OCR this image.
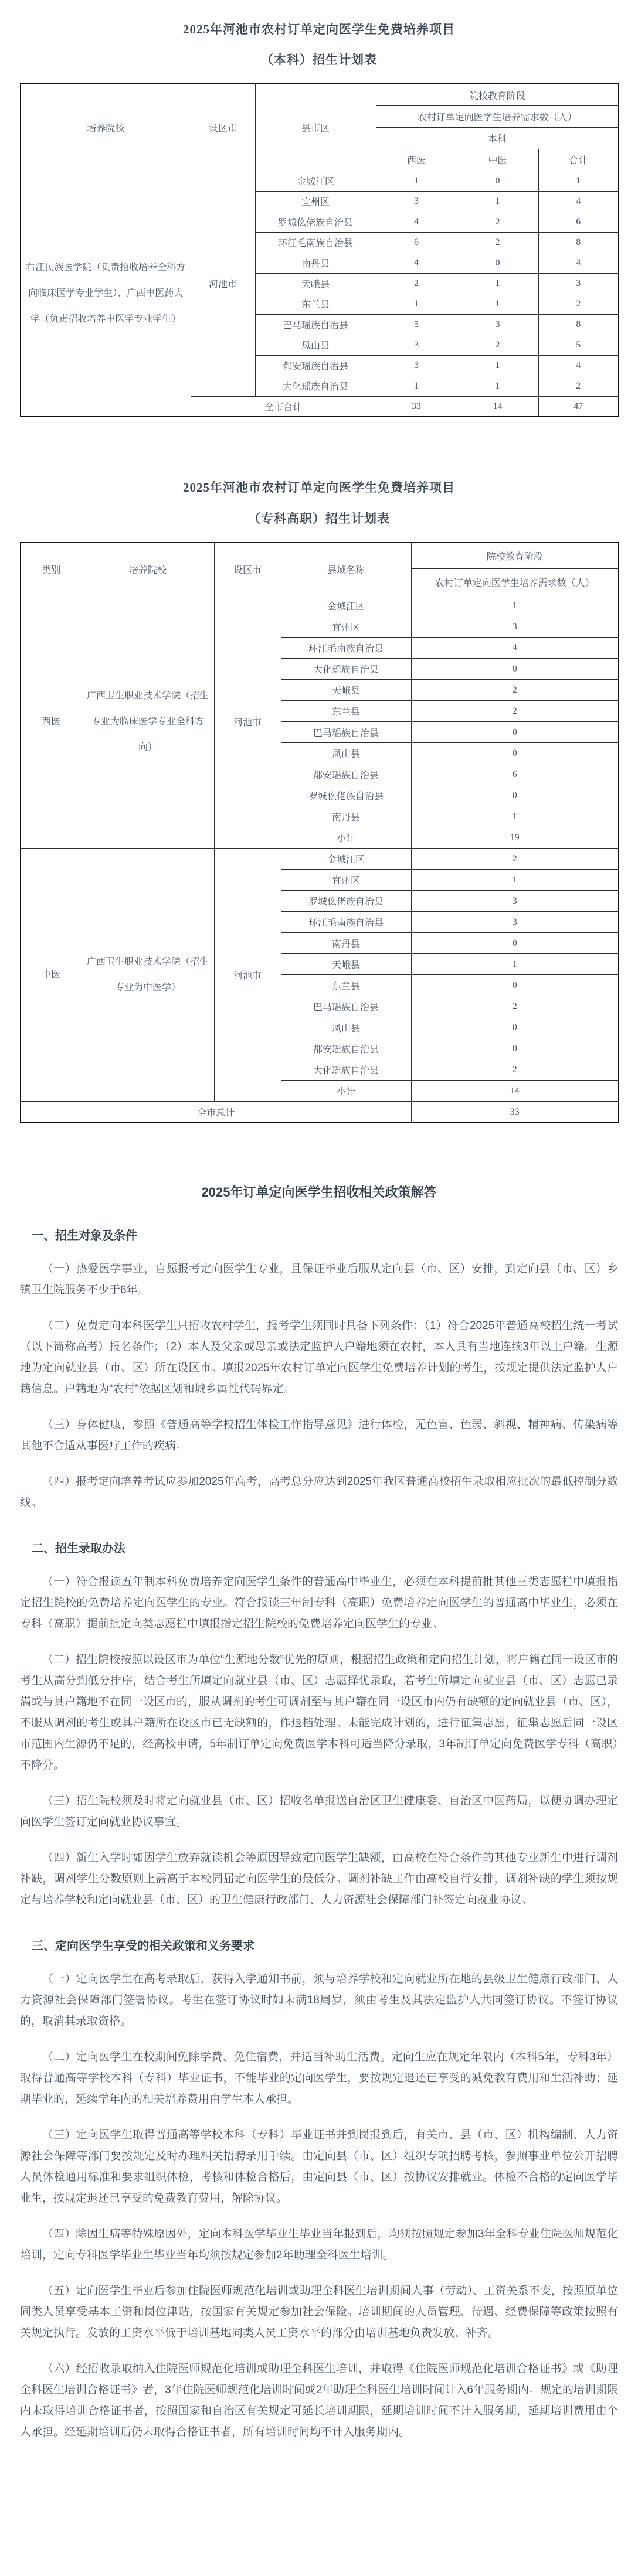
2025年河池市农村订单定向医学生免费培养项目
（本科）招生计划表
培养院校	设区市	县市区	院校教育阶段		
			农村订单定向医学生培养需求数（人）		
			本科		
			西医	中医	合计
右江民族医学院（负责招收培养全科方向临床医学专业学生）、广西中医药大学（负责招收培养中医学专业学生）	河池市	金城江区	1	0	1
		宜州区	3	1	4
		罗城仫佬族自治县	4	2	6
		环江毛南族自治县	6	2	8
		南丹县	4	0	4
		天峨县	2	1	3
		东兰县	1	1	2
		巴马瑶族自治县	5	3	8
		凤山县	3	2	5
		都安瑶族自治县	3	1	4
		大化瑶族自治县	1	1	2
	全市合计		33	14	47
2025年河池市农村订单定向医学生免费培养项目
（专科高职）招生计划表
类别	培养院校	设区市	县域名称	院校教育阶段
				农村订单定向医学生培养需求数（人）
西医	广西卫生职业技术学院（招生专业为临床医学专业全科方向）	河池市	金城江区	1
			宜州区	3
			环江毛南族自治县	4
			大化瑶族自治县	0
			天峨县	2
			东兰县	2
			巴马瑶族自治县	0
			凤山县	0
			都安瑶族自治县	6
			罗城仫佬族自治县	0
			南丹县	1
			小计	19
中医	广西卫生职业技术学院（招生专业为中医学）	河池市	金城江区	2
			宜州区	1
			罗城仫佬族自治县	3
			环江毛南族自治县	3
			南丹县	0
			天峨县	1
			东兰县	0
			巴马瑶族自治县	2
			凤山县	0
			都安瑶族自治县	0
			大化瑶族自治县	2
			小计	14
全市总计				33
2025年订单定向医学生招收相关政策解答
一、招生对象及条件

（一）热爱医学事业，自愿报考定向医学生专业，且保证毕业后服从定向县（市、区）安排，到定向县（市、区）乡镇卫生院服务不少于6年。

（二）免费定向本科医学生只招收农村学生，报考学生须同时具备下列条件：（1）符合2025年普通高校招生统一考试（以下简称高考）报名条件；（2）本人及父亲或母亲或法定监护人户籍地须在农村，本人具有当地连续3年以上户籍。生源地为定向就业县（市、区）所在设区市。填报2025年农村订单定向医学生免费培养计划的考生，按规定提供法定监护人户籍信息。户籍地为“农村”依据区划和城乡属性代码界定。

（三）身体健康，参照《普通高等学校招生体检工作指导意见》进行体检，无色盲、色弱、斜视、精神病、传染病等其他不合适从事医疗工作的疾病。

（四）报考定向培养考试应参加2025年高考，高考总分应达到2025年我区普通高校招生录取相应批次的最低控制分数线。

二、招生录取办法

（一）符合报读五年制本科免费培养定向医学生条件的普通高中毕业生，必须在本科提前批其他三类志愿栏中填报指定招生院校的免费培养定向医学生的专业。符合报读三年制专科（高职）免费培养定向医学生的普通高中毕业生，必须在专科（高职）提前批定向类志愿栏中填报指定招生院校的免费培养定向医学生的专业。

（二）招生院校按照以设区市为单位“生源地分数”优先的原则，根据招生政策和定向招生计划，将户籍在同一设区市的考生从高分到低分排序，结合考生所填定向就业县（市、区）志愿择优录取，若考生所填定向就业县（市、区）志愿已录满或与其户籍地不在同一设区市的，服从调剂的考生可调剂至与其户籍在同一设区市内仍有缺额的定向就业县（市、区），不服从调剂的考生或其户籍所在设区市已无缺额的，作退档处理。未能完成计划的，进行征集志愿，征集志愿后同一设区市范围内生源仍不足的，经高校申请，5年制订单定向免费医学本科可适当降分录取，3年制订单定向免费医学专科（高职）不降分。

（三）招生院校须及时将定向就业县（市、区）招收名单报送自治区卫生健康委、自治区中医药局，以便协调办理定向医学生签订定向就业协议事宜。

（四）新生入学时如因学生放弃就读机会等原因导致定向医学生缺额，由高校在符合条件的其他专业新生中进行调剂补缺，调剂学生分数原则上需高于本校同届定向医学生的最低分。调剂补缺工作由高校自行安排，调剂补缺的学生须按规定与培养学校和定向就业县（市、区）的卫生健康行政部门、人力资源社会保障部门补签定向就业协议。

三、定向医学生享受的相关政策和义务要求

（一）定向医学生在高考录取后、获得入学通知书前，须与培养学校和定向就业所在地的县级卫生健康行政部门、人力资源社会保障部门签署协议。考生在签订协议时如未满18周岁，须由考生及其法定监护人共同签订协议。不签订协议的，取消其录取资格。

（二）定向医学生在校期间免除学费、免住宿费，并适当补助生活费。定向生应在规定年限内（本科5年，专科3年）取得普通高等学校本科（专科）毕业证书，不能毕业的定向医学生，要按规定退还已享受的减免教育费用和生活补助；延期毕业的，延续学年内的相关培养费用由学生本人承担。

（三）定向医学生取得普通高等学校本科（专科）毕业证书并到岗报到后，有关市、县（市、区）机构编制、人力资源社会保障等部门要按规定及时办理相关招聘录用手续。由定向县（市、区）组织专项招聘考核，参照事业单位公开招聘人员体检通用标准和要求组织体检，考核和体检合格后，由定向县（市、区）按协议安排就业。体检不合格的定向医学毕业生，按规定退还已享受的免费教育费用，解除协议。

（四）除因生病等特殊原因外，定向本科医学毕业生毕业当年报到后，均须按照规定参加3年全科专业住院医师规范化培训，定向专科医学毕业生毕业当年均须按规定参加2年助理全科医生培训。

（五）定向医学生毕业后参加住院医师规范化培训或助理全科医生培训期间人事（劳动）、工资关系不变，按照原单位同类人员享受基本工资和岗位津贴，按国家有关规定参加社会保险。培训期间的人员管理、待遇、经费保障等政策按照有关规定执行。发放的工资水平低于培训基地同类人员工资水平的部分由培训基地负责发放、补齐。

（六）经招收录取纳入住院医师规范化培训或助理全科医生培训，并取得《住院医师规范化培训合格证书》或《助理全科医生培训合格证书》者，3年住院医师规范化培训时间或2年助理全科医生培训时间计入6年服务期内。规定的培训期限内未取得培训合格证书者，按照国家和自治区有关规定可延长培训期限，延期培训时间不计入服务期，延期培训费用由个人承担。经延期培训后仍未取得合格证书者，所有培训时间均不计入服务期内。
